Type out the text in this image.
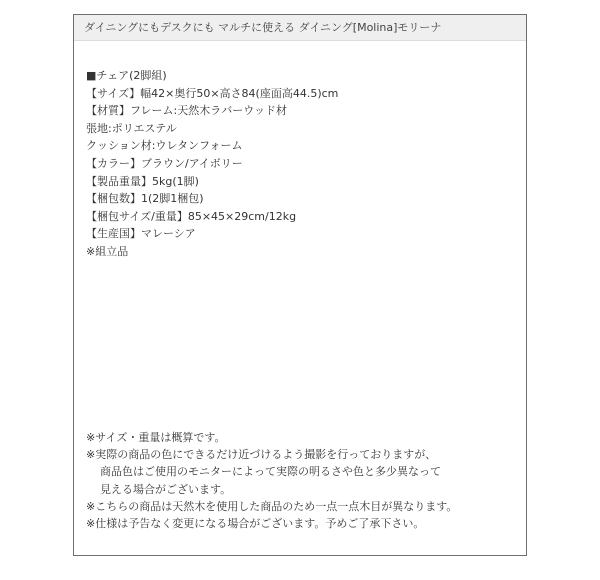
ダイニングにもデスクにも マルチに使える ダイニング[Molina]モリーナ
■チェア(2脚組)
【サイズ】幅42×奥行50×高さ84(座面高44.5)cm
【材質】フレーム:天然木ラバーウッド材
張地:ポリエステル
クッション材:ウレタンフォーム
【カラー】ブラウン/アイボリー
【製品重量】5kg(1脚)
【梱包数】1(2脚1梱包)
【梱包サイズ/重量】85×45×29cm/12kg
【生産国】マレーシア
※組立品
※サイズ・重量は概算です。
※実際の商品の色にできるだけ近づけるよう撮影を行っておりますが、
商品色はご使用のモニターによって実際の明るさや色と多少異なって
見える場合がございます。
※こちらの商品は天然木を使用した商品のため一点一点木目が異なります。
※仕様は予告なく変更になる場合がございます。予めご了承下さい。
